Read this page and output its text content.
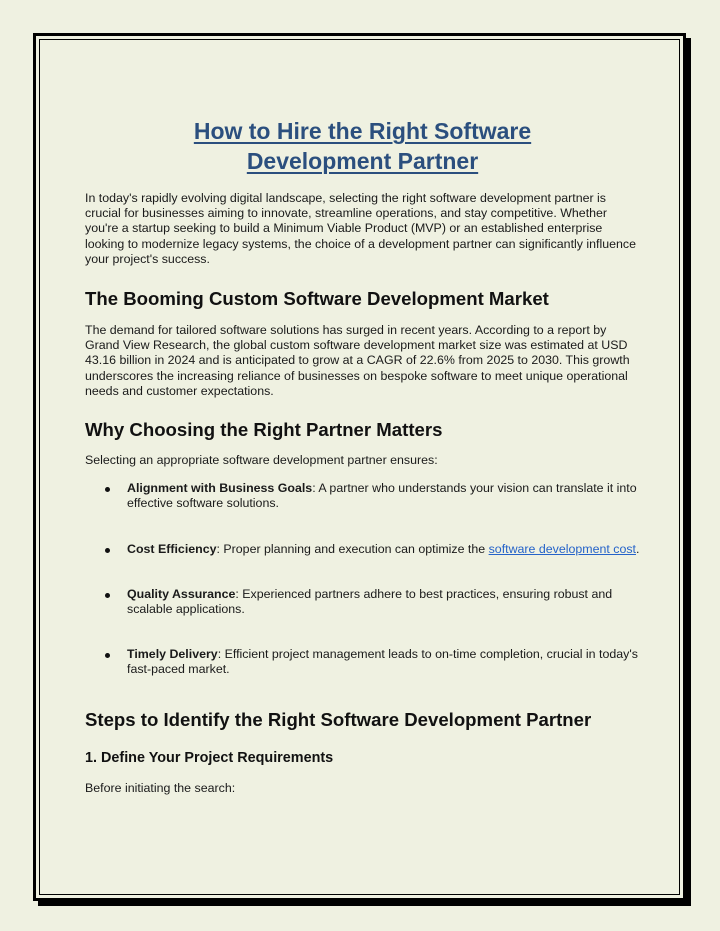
How to Hire the Right Software Development Partner

In today's rapidly evolving digital landscape, selecting the right software development partner is crucial for businesses aiming to innovate, streamline operations, and stay competitive. Whether you're a startup seeking to build a Minimum Viable Product (MVP) or an established enterprise looking to modernize legacy systems, the choice of a development partner can significantly influence your project's success.

The Booming Custom Software Development Market

The demand for tailored software solutions has surged in recent years. According to a report by Grand View Research, the global custom software development market size was estimated at USD 43.16 billion in 2024 and is anticipated to grow at a CAGR of 22.6% from 2025 to 2030. This growth underscores the increasing reliance of businesses on bespoke software to meet unique operational needs and customer expectations.

Why Choosing the Right Partner Matters

Selecting an appropriate software development partner ensures:

Alignment with Business Goals: A partner who understands your vision can translate it into effective software solutions.
Cost Efficiency: Proper planning and execution can optimize the software development cost.
Quality Assurance: Experienced partners adhere to best practices, ensuring robust and scalable applications.
Timely Delivery: Efficient project management leads to on-time completion, crucial in today's fast-paced market.
Steps to Identify the Right Software Development Partner
1. Define Your Project Requirements

Before initiating the search:
